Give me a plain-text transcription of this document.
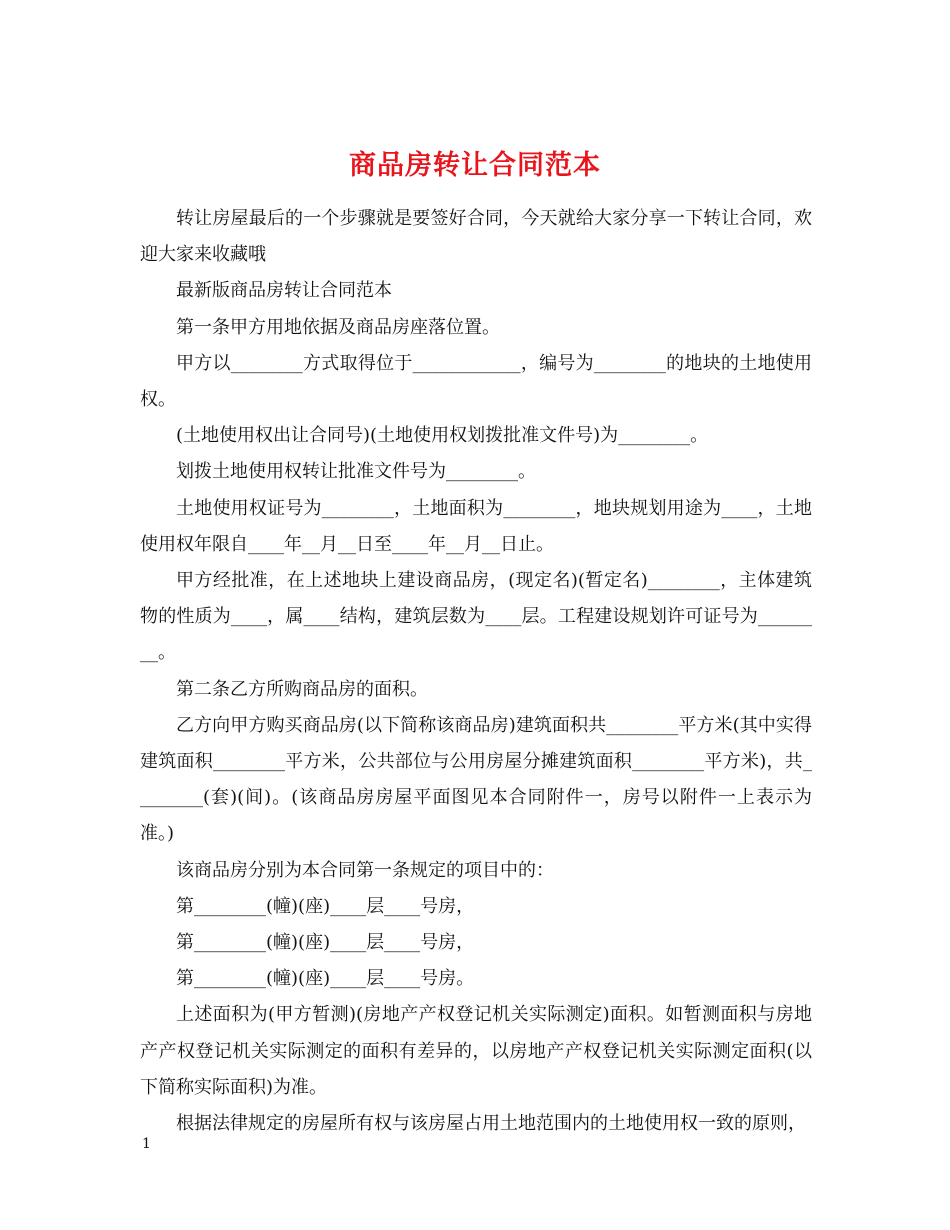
商品房转让合同范本

转让房屋最后的一个步骤就是要签好合同，今天就给大家分享一下转让合同，欢迎大家来收藏哦

最新版商品房转让合同范本

第一条甲方用地依据及商品房座落位置。

甲方以________方式取得位于____________，编号为________的地块的土地使用权。

(土地使用权出让合同号)(土地使用权划拨批准文件号)为________。

划拨土地使用权转让批准文件号为________。

土地使用权证号为________，土地面积为________，地块规划用途为____，土地使用权年限自____年__月__日至____年__月__日止。

甲方经批准，在上述地块上建设商品房，(现定名)(暂定名)________，主体建筑物的性质为____，属____结构，建筑层数为____层。工程建设规划许可证号为________。

第二条乙方所购商品房的面积。

乙方向甲方购买商品房(以下简称该商品房)建筑面积共________平方米(其中实得建筑面积________平方米，公共部位与公用房屋分摊建筑面积________平方米)，共________(套)(间)。(该商品房房屋平面图见本合同附件一，房号以附件一上表示为准。)

该商品房分别为本合同第一条规定的项目中的：

第________(幢)(座)____层____号房，

第________(幢)(座)____层____号房，

第________(幢)(座)____层____号房。

上述面积为(甲方暂测)(房地产产权登记机关实际测定)面积。如暂测面积与房地产产权登记机关实际测定的面积有差异的，以房地产产权登记机关实际测定面积(以下简称实际面积)为准。

根据法律规定的房屋所有权与该房屋占用土地范围内的土地使用权一致的原则，

1
